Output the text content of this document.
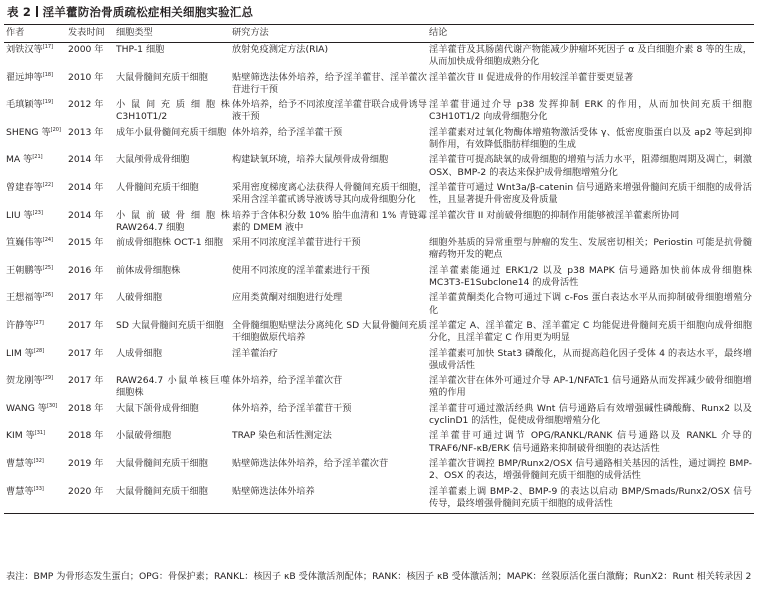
表 2 淫羊藿防治骨质疏松症相关细胞实验汇总
作者	发表时间	细胞类型	研究方法	结论
刘铁汉等[17]	2000 年	THP-1 细胞	放射免疫测定方法(RIA)	淫羊藿苷及其肠菌代谢产物能减少肿瘤坏死因子 α 及白细胞介素 8 等的生成，从而加快成骨细胞成熟分化
翟远坤等[18]	2010 年	大鼠骨髓间充质干细胞	贴壁筛选法体外培养，给予淫羊藿苷、淫羊藿次苷进行干预	淫羊藿次苷 II 促进成骨的作用较淫羊藿苷要更显著
毛瑱颖等[19]	2012 年	小鼠间充质细胞株 C3H10T1/2	体外培养，给予不同浓度淫羊藿苷联合成骨诱导液干预	淫羊藿苷通过介导 p38 发挥抑制 ERK 的作用，从而加快间充质干细胞 C3H10T1/2 向成骨细胞分化
SHENG 等[20]	2013 年	成年小鼠骨髓间充质干细胞	体外培养，给予淫羊藿干预	淫羊藿素对过氧化物酶体增殖物激活受体 γ、低密度脂蛋白以及 ap2 等起到抑制作用，有效降低脂肪样细胞的生成
MA 等[21]	2014 年	大鼠颅骨成骨细胞	构建缺氧环境，培养大鼠颅骨成骨细胞	淫羊藿苷可提高缺氧的成骨细胞的增殖与活力水平，阻滞细胞周期及凋亡，刺激 OSX、BMP-2 的表达来保护成骨细胞增殖分化
曾建春等[22]	2014 年	人骨髓间充质干细胞	采用密度梯度离心法获得人骨髓间充质干细胞，采用含淫羊藿甙诱导液诱导其向成骨细胞分化	淫羊藿苷可通过 Wnt3a/β-catenin 信号通路来增强骨髓间充质干细胞的成骨活性，且显著提升骨密度及骨质量
LIU 等[23]	2014 年	小鼠前破骨细胞株 RAW264.7 细胞	培养于含体积分数 10% 胎牛血清和 1% 青链霉素的 DMEM 液中	淫羊藿次苷 II 对前破骨细胞的抑制作用能够被淫羊藿素所协同
笪巍伟等[24]	2015 年	前成骨细胞株 OCT-1 细胞	采用不同浓度淫羊藿苷进行干预	细胞外基质的异常重塑与肿瘤的发生、发展密切相关；Periostin 可能是抗骨髓瘤药物开发的靶点
王朝鹏等[25]	2016 年	前体成骨细胞株	使用不同浓度的淫羊藿素进行干预	淫羊藿素能通过 ERK1/2 以及 p38 MAPK 信号通路加快前体成骨细胞株 MC3T3-E1Subclone14 的成骨活性
王想福等[26]	2017 年	人破骨细胞	应用类黄酮对细胞进行处理	淫羊藿黄酮类化合物可通过下调 c-Fos 蛋白表达水平从而抑制破骨细胞增殖分化
许静等[27]	2017 年	SD 大鼠骨髓间充质干细胞	全骨髓细胞贴壁法分离纯化 SD 大鼠骨髓间充质干细胞做原代培养	淫羊藿定 A、淫羊藿定 B、淫羊藿定 C 均能促进骨髓间充质干细胞向成骨细胞分化，且淫羊藿定 C 作用更为明显
LIM 等[28]	2017 年	人成骨细胞	淫羊藿治疗	淫羊藿素可加快 Stat3 磷酸化，从而提高趋化因子受体 4 的表达水平，最终增强成骨活性
贺龙刚等[29]	2017 年	RAW264.7 小鼠单核巨噬细胞株	体外培养，给予淫羊藿次苷	淫羊藿次苷在体外可通过介导 AP-1/NFATc1 信号通路从而发挥减少破骨细胞增殖的作用
WANG 等[30]	2018 年	大鼠下颌骨成骨细胞	体外培养，给予淫羊藿苷干预	淫羊藿苷可通过激活经典 Wnt 信号通路后有效增强碱性磷酸酶、Runx2 以及 cyclinD1 的活性，促使成骨细胞增殖分化
KIM 等[31]	2018 年	小鼠破骨细胞	TRAP 染色和活性测定法	淫羊藿苷可通过调节 OPG/RANKL/RANK 信号通路以及 RANKL 介导的 TRAF6/NF-κB/ERK 信号通路来抑制破骨细胞的表达活性
曹慧等[32]	2019 年	大鼠骨髓间充质干细胞	贴壁筛选法体外培养，给予淫羊藿次苷	淫羊藿次苷调控 BMP/Runx2/OSX 信号通路相关基因的活性，通过调控 BMP-2、OSX 的表达，增强骨髓间充质干细胞的成骨活性
曹慧等[33]	2020 年	大鼠骨髓间充质干细胞	贴壁筛选法体外培养	淫羊藿素上调 BMP-2、BMP-9 的表达以启动 BMP/Smads/Runx2/OSX 信号传导，最终增强骨髓间充质干细胞的成骨活性
表注：BMP 为骨形态发生蛋白；OPG：骨保护素；RANKL：核因子 κB 受体激活剂配体；RANK：核因子 κB 受体激活剂；MAPK：丝裂原活化蛋白激酶；RunX2：Runt 相关转录因 2
